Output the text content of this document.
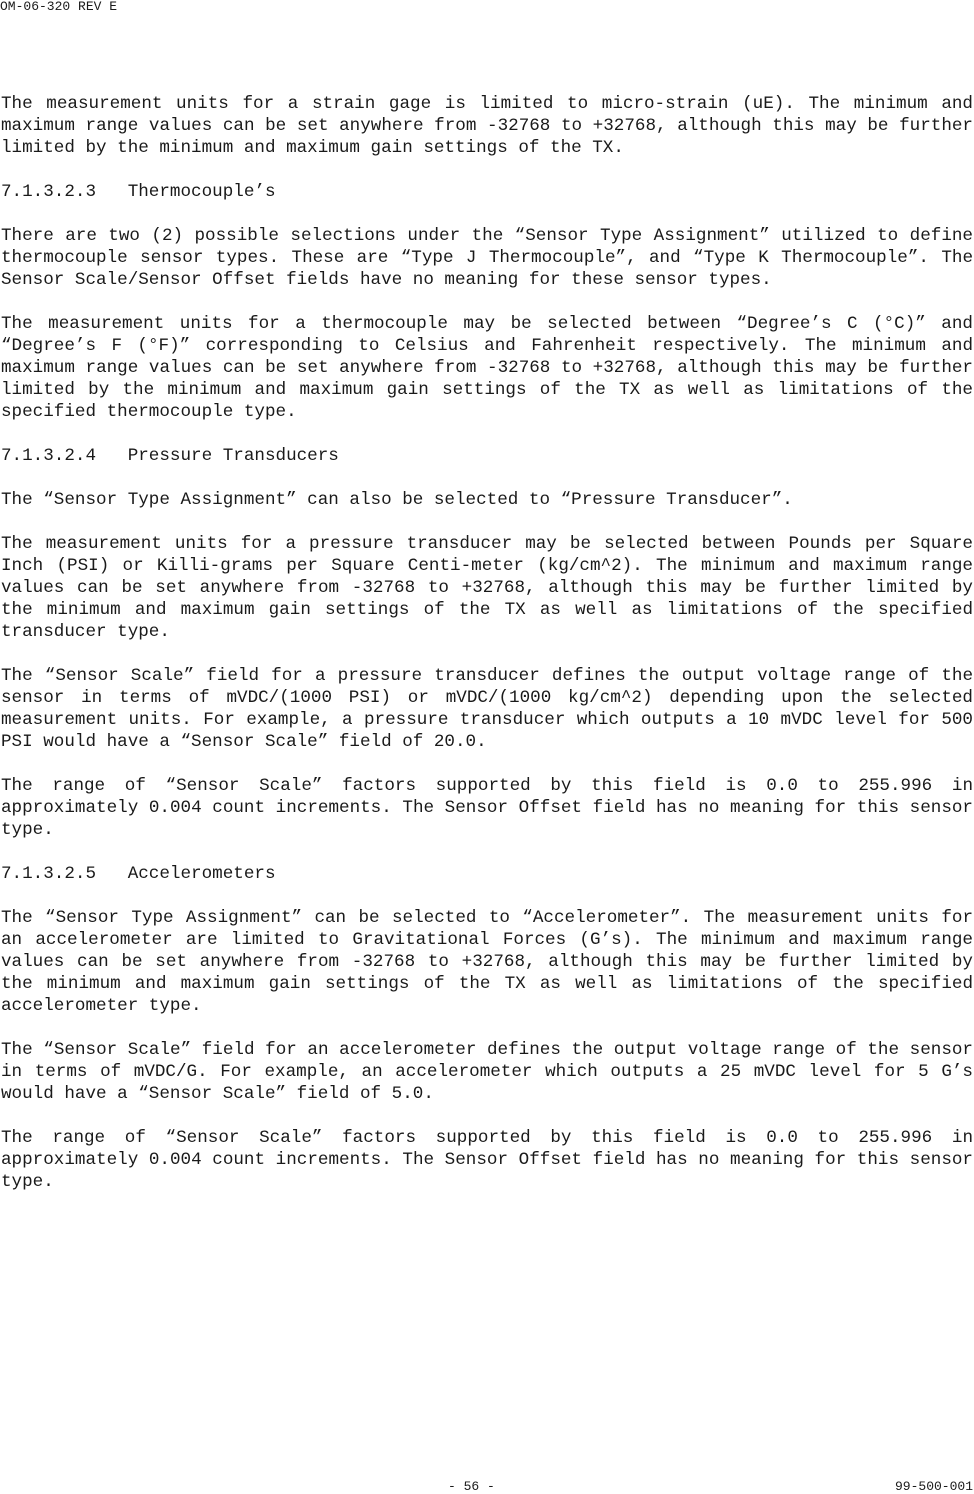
OM-06-320 REV E

The measurement units for a strain gage is limited to micro-strain (uE). The minimum and maximum range values can be set anywhere from -32768 to +32768, although this may be further limited by the minimum and maximum gain settings of the TX.

7.1.3.2.3   Thermocouple’s

There are two (2) possible selections under the “Sensor Type Assignment” utilized to define thermocouple sensor types. These are “Type J Thermocouple”, and “Type K Thermocouple”. The Sensor Scale/Sensor Offset fields have no meaning for these sensor types.

The measurement units for a thermocouple may be selected between “Degree’s C (°C)” and “Degree’s F (°F)” corresponding to Celsius and Fahrenheit respectively. The minimum and maximum range values can be set anywhere from -32768 to +32768, although this may be further limited by the minimum and maximum gain settings of the TX as well as limitations of the specified thermocouple type.

7.1.3.2.4   Pressure Transducers

The “Sensor Type Assignment” can also be selected to “Pressure Transducer”.

The measurement units for a pressure transducer may be selected between Pounds per Square Inch (PSI) or Killi-grams per Square Centi-meter (kg/cm^2). The minimum and maximum range values can be set anywhere from -32768 to +32768, although this may be further limited by the minimum and maximum gain settings of the TX as well as limitations of the specified transducer type.

The “Sensor Scale” field for a pressure transducer defines the output voltage range of the sensor in terms of mVDC/(1000 PSI) or mVDC/(1000 kg/cm^2) depending upon the selected measurement units. For example, a pressure transducer which outputs a 10 mVDC level for 500 PSI would have a “Sensor Scale” field of 20.0.

The range of “Sensor Scale” factors supported by this field is 0.0 to 255.996 in approximately 0.004 count increments. The Sensor Offset field has no meaning for this sensor type.

7.1.3.2.5   Accelerometers

The “Sensor Type Assignment” can be selected to “Accelerometer”. The measurement units for an accelerometer are limited to Gravitational Forces (G’s). The minimum and maximum range values can be set anywhere from -32768 to +32768, although this may be further limited by the minimum and maximum gain settings of the TX as well as limitations of the specified accelerometer type.

The “Sensor Scale” field for an accelerometer defines the output voltage range of the sensor in terms of mVDC/G. For example, an accelerometer which outputs a 25 mVDC level for 5 G’s would have a “Sensor Scale” field of 5.0.

The range of “Sensor Scale” factors supported by this field is 0.0 to 255.996 in approximately 0.004 count increments. The Sensor Offset field has no meaning for this sensor type.

- 56 -	99-500-001
